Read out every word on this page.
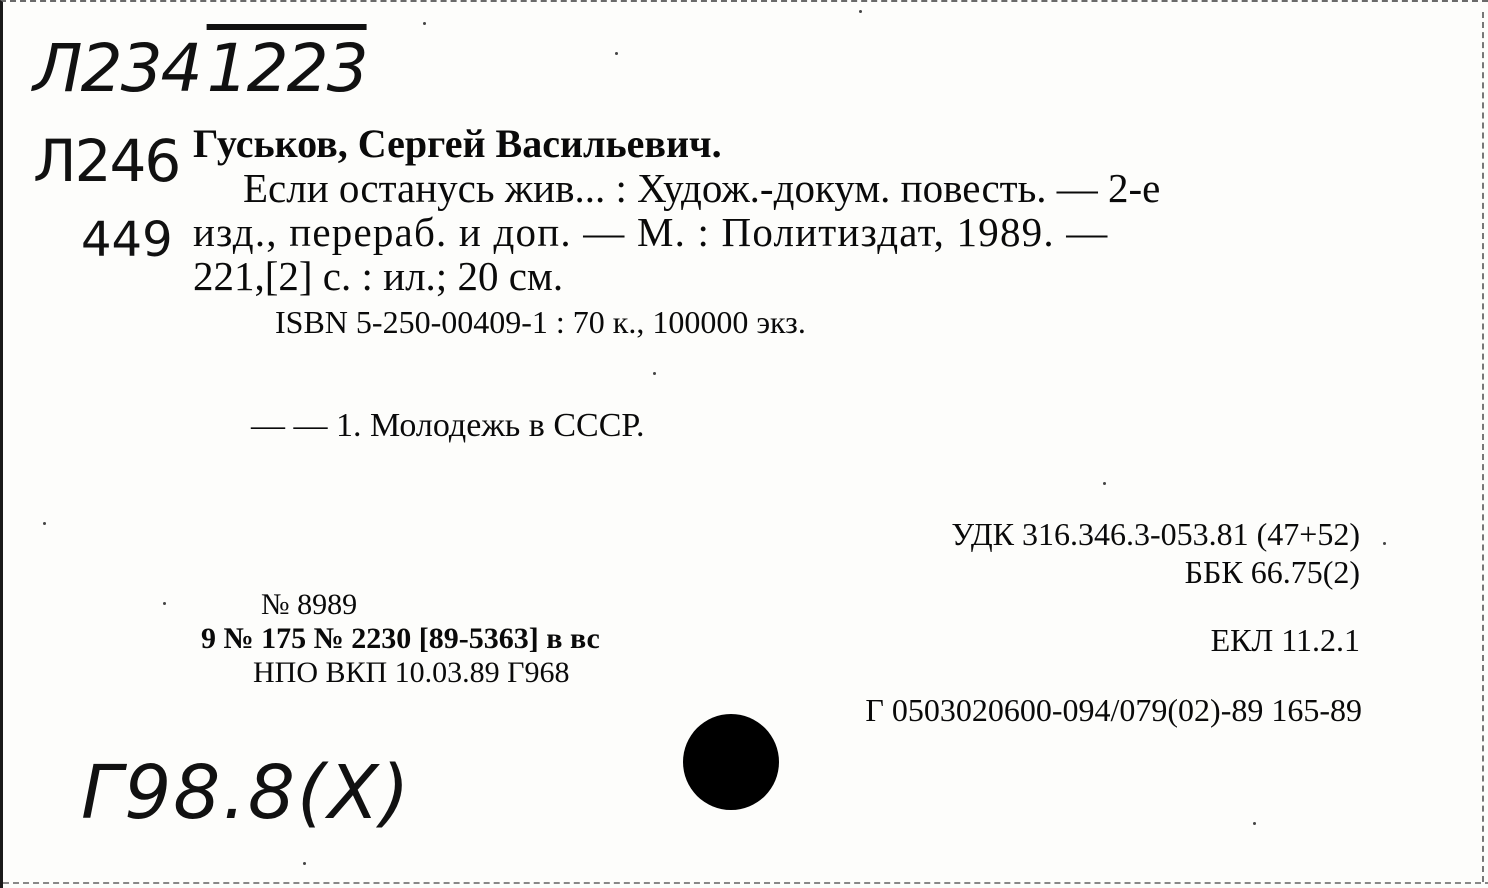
Л2341223
Л246
449
Гуськов, Сергей Васильевич.
Если останусь жив... : Худож.-докум. повесть. — 2-е
изд., перераб. и доп. — М. : Политиздат, 1989. —
221,[2] с. : ил.; 20 см.
ISBN 5-250-00409-1 : 70 к., 100000 экз.
— — 1. Молодежь в СССР.
УДК 316.346.3-053.81 (47+52)
ББК 66.75(2)
ЕКЛ 11.2.1
Г 0503020600-094/079(02)-89 165-89
№ 8989
9 № 175 № 2230 [89-5363] в вс
НПО ВКП 10.03.89 Г968
Г98.8(Х)
